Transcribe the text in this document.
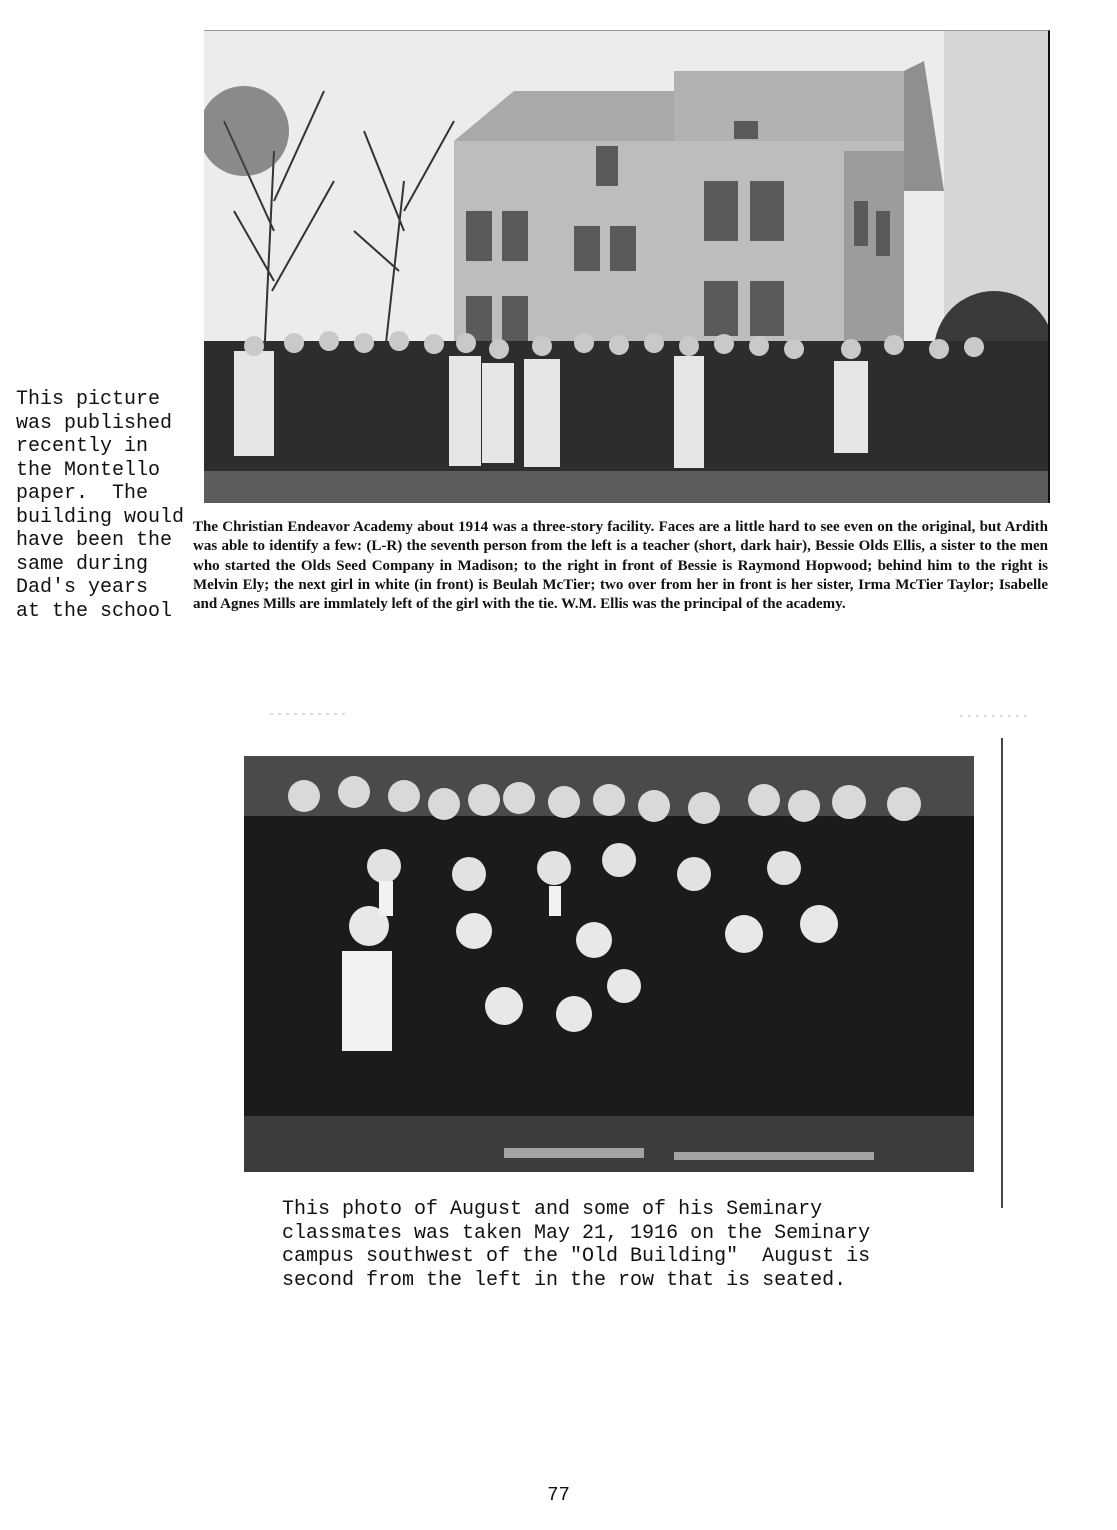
This picture
was published
recently in
the Montello
paper.  The
building would
have been the
same during
Dad's years
at the school
The Christian Endeavor Academy about 1914 was a three-story facility. Faces are a little hard to see even on the original, but Ardith was able to identify a few: (L-R) the seventh person from the left is a teacher (short, dark hair), Bessie Olds Ellis, a sister to the men who started the Olds Seed Company in Madison; to the right in front of Bessie is Raymond Hopwood; behind him to the right is Melvin Ely; the next girl in white (in front) is Beulah McTier; two over from her in front is her sister, Irma McTier Taylor; Isabelle and Agnes Mills are immlately left of the girl with the tie. W.M. Ellis was the principal of the academy.
This photo of August and some of his Seminary
classmates was taken May 21, 1916 on the Seminary
campus southwest of the "Old Building"  August is
second from the left in the row that is seated.
77
